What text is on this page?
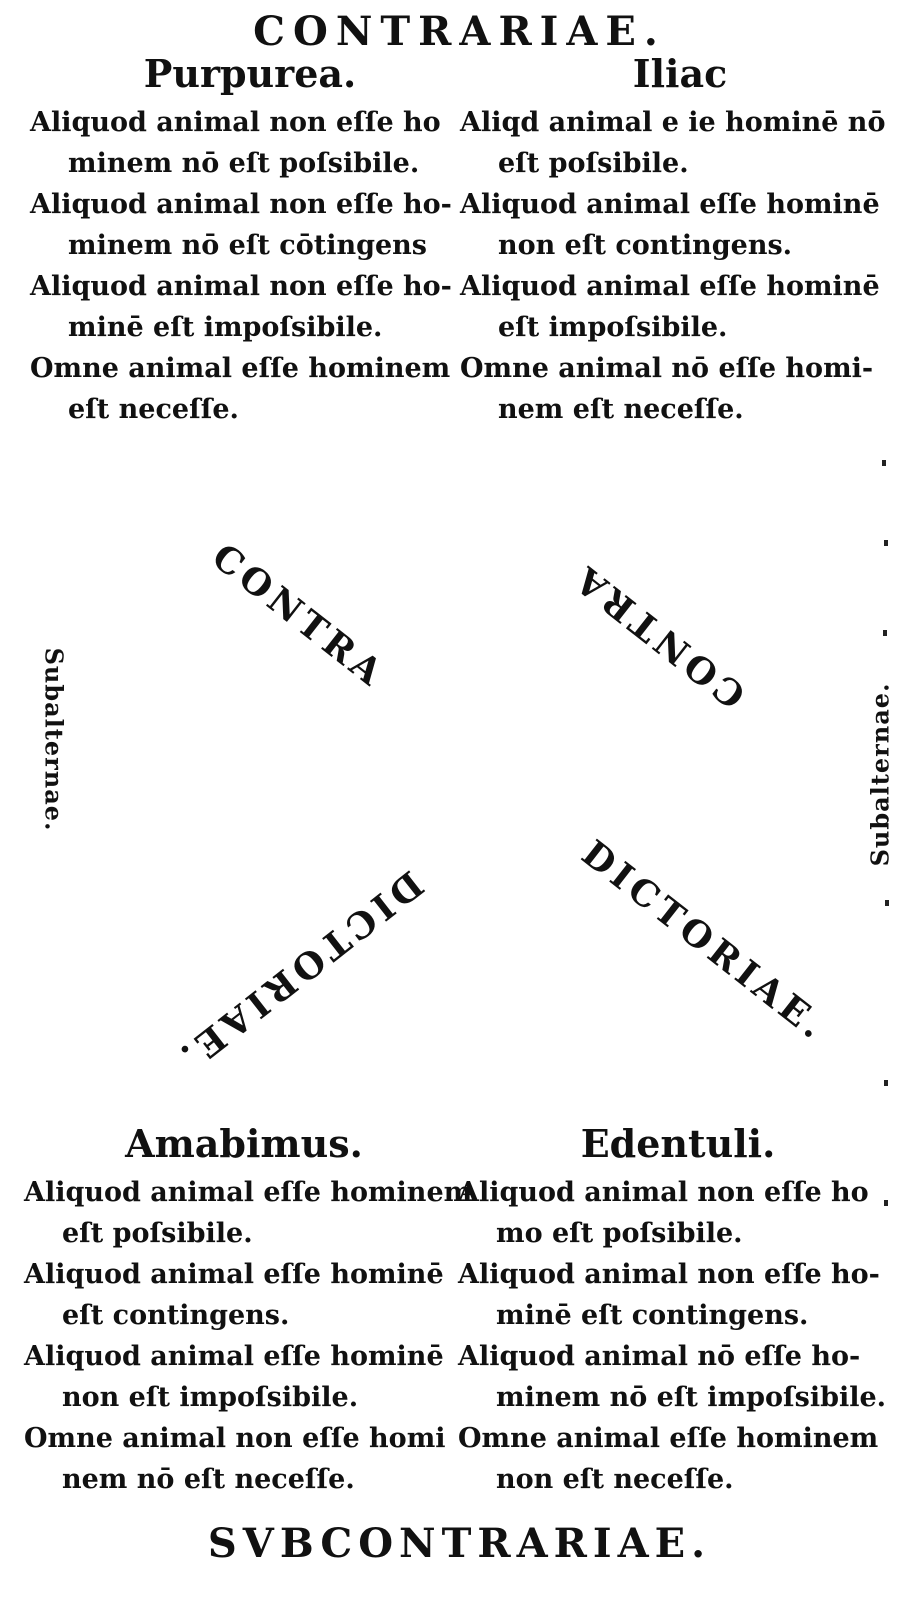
CONTRARIAE.
Purpurea.
Aliquod animal non eſſe ho
minem nō eſt poſsibile.
Aliquod animal non eſſe ho-
minem nō eſt cōtingens
Aliquod animal non eſſe ho-
minē eſt impoſsibile.
Omne animal eſſe hominem
eſt neceſſe.
Iliac
Aliqd animal e ie hominē nō
eſt poſsibile.
Aliquod animal eſſe hominē
non eſt contingens.
Aliquod animal eſſe hominē
eſt impoſsibile.
Omne animal nō eſſe homi-
nem eſt neceſſe.
CONTRA	CONTRA
DICTORIAE.	DICTORIAE.
Subalternae.	Subalternae.
Amabimus.
Aliquod animal eſſe hominem
eſt poſsibile.
Aliquod animal eſſe hominē
eſt contingens.
Aliquod animal eſſe hominē
non eſt impoſsibile.
Omne animal non eſſe homi
nem nō eſt neceſſe.
Edentuli.
Aliquod animal non eſſe ho
mo eſt poſsibile.
Aliquod animal non eſſe ho-
minē eſt contingens.
Aliquod animal nō eſſe ho-
minem nō eſt impoſsibile.
Omne animal eſſe hominem
non eſt neceſſe.
SVBCONTRARIAE.
